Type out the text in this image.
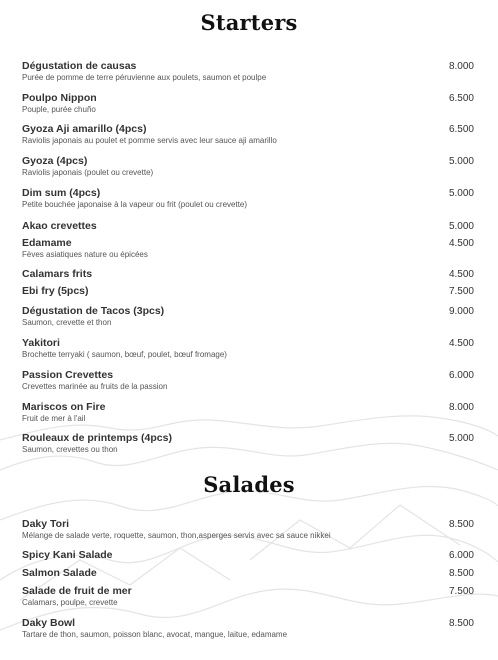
Starters
Dégustation de causas	8.000
Purée de pomme de terre péruvienne aux poulets, saumon et poulpe
Poulpo Nippon	6.500
Pouple, purée chuño
Gyoza Aji amarillo (4pcs)	6.500
Raviolis japonais au poulet et pomme servis avec leur sauce aji amarillo
Gyoza (4pcs)	5.000
Raviolis japonais (poulet ou crevette)
Dim sum (4pcs)	5.000
Petite bouchée japonaise à la vapeur ou frit (poulet ou crevette)
Akao crevettes	5.000
Edamame	4.500
Fèves asiatiques nature ou épicées
Calamars frits	4.500
Ebi fry (5pcs)	7.500
Dégustation de Tacos (3pcs)	9.000
Saumon, crevette et thon
Yakitori	4.500
Brochette terryaki ( saumon, bœuf, poulet, bœuf fromage)
Passion Crevettes	6.000
Crevettes marinée au fruits de la passion
Mariscos on Fire	8.000
Fruit de mer à l'ail
Rouleaux de printemps (4pcs)	5.000
Saumon, crevettes ou thon
Salades
Daky Tori	8.500
Mélange de salade verte, roquette, saumon, thon,asperges servis avec sa sauce nikkei
Spicy Kani Salade	6.000
Salmon Salade	8.500
Salade de fruit de mer	7.500
Calamars, poulpe, crevette
Daky Bowl	8.500
Tartare de thon, saumon, poisson blanc, avocat, mangue, laitue, edamame
